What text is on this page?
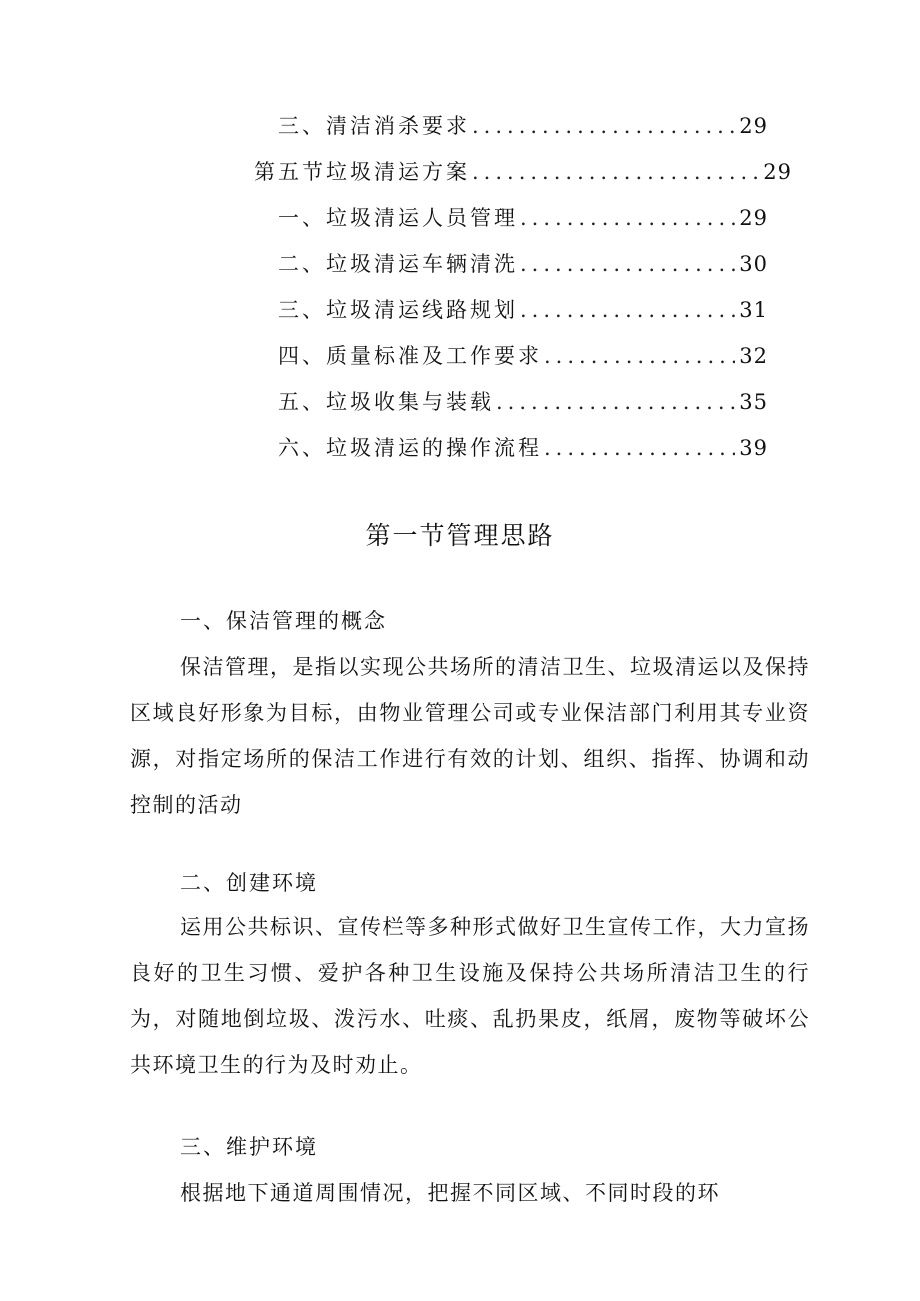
三、清洁消杀要求 .....	29
第五节垃圾清运方案 .....	29
一、垃圾清运人员管理 .....	29
二、垃圾清运车辆清洗 .....	30
三、垃圾清运线路规划 .....	31
四、质量标准及工作要求 .....	32
五、垃圾收集与装载 .....	35
六、垃圾清运的操作流程 .....	39
第一节管理思路
一、保洁管理的概念

保洁管理，是指以实现公共场所的清洁卫生、垃圾清运以及保持区域良好形象为目标，由物业管理公司或专业保洁部门利用其专业资源，对指定场所的保洁工作进行有效的计划、组织、指挥、协调和动控制的活动

二、创建环境

运用公共标识、宣传栏等多种形式做好卫生宣传工作，大力宣扬良好的卫生习惯、爱护各种卫生设施及保持公共场所清洁卫生的行为，对随地倒垃圾、泼污水、吐痰、乱扔果皮，纸屑，废物等破坏公共环境卫生的行为及时劝止。

三、维护环境

根据地下通道周围情况，把握不同区域、不同时段的环
